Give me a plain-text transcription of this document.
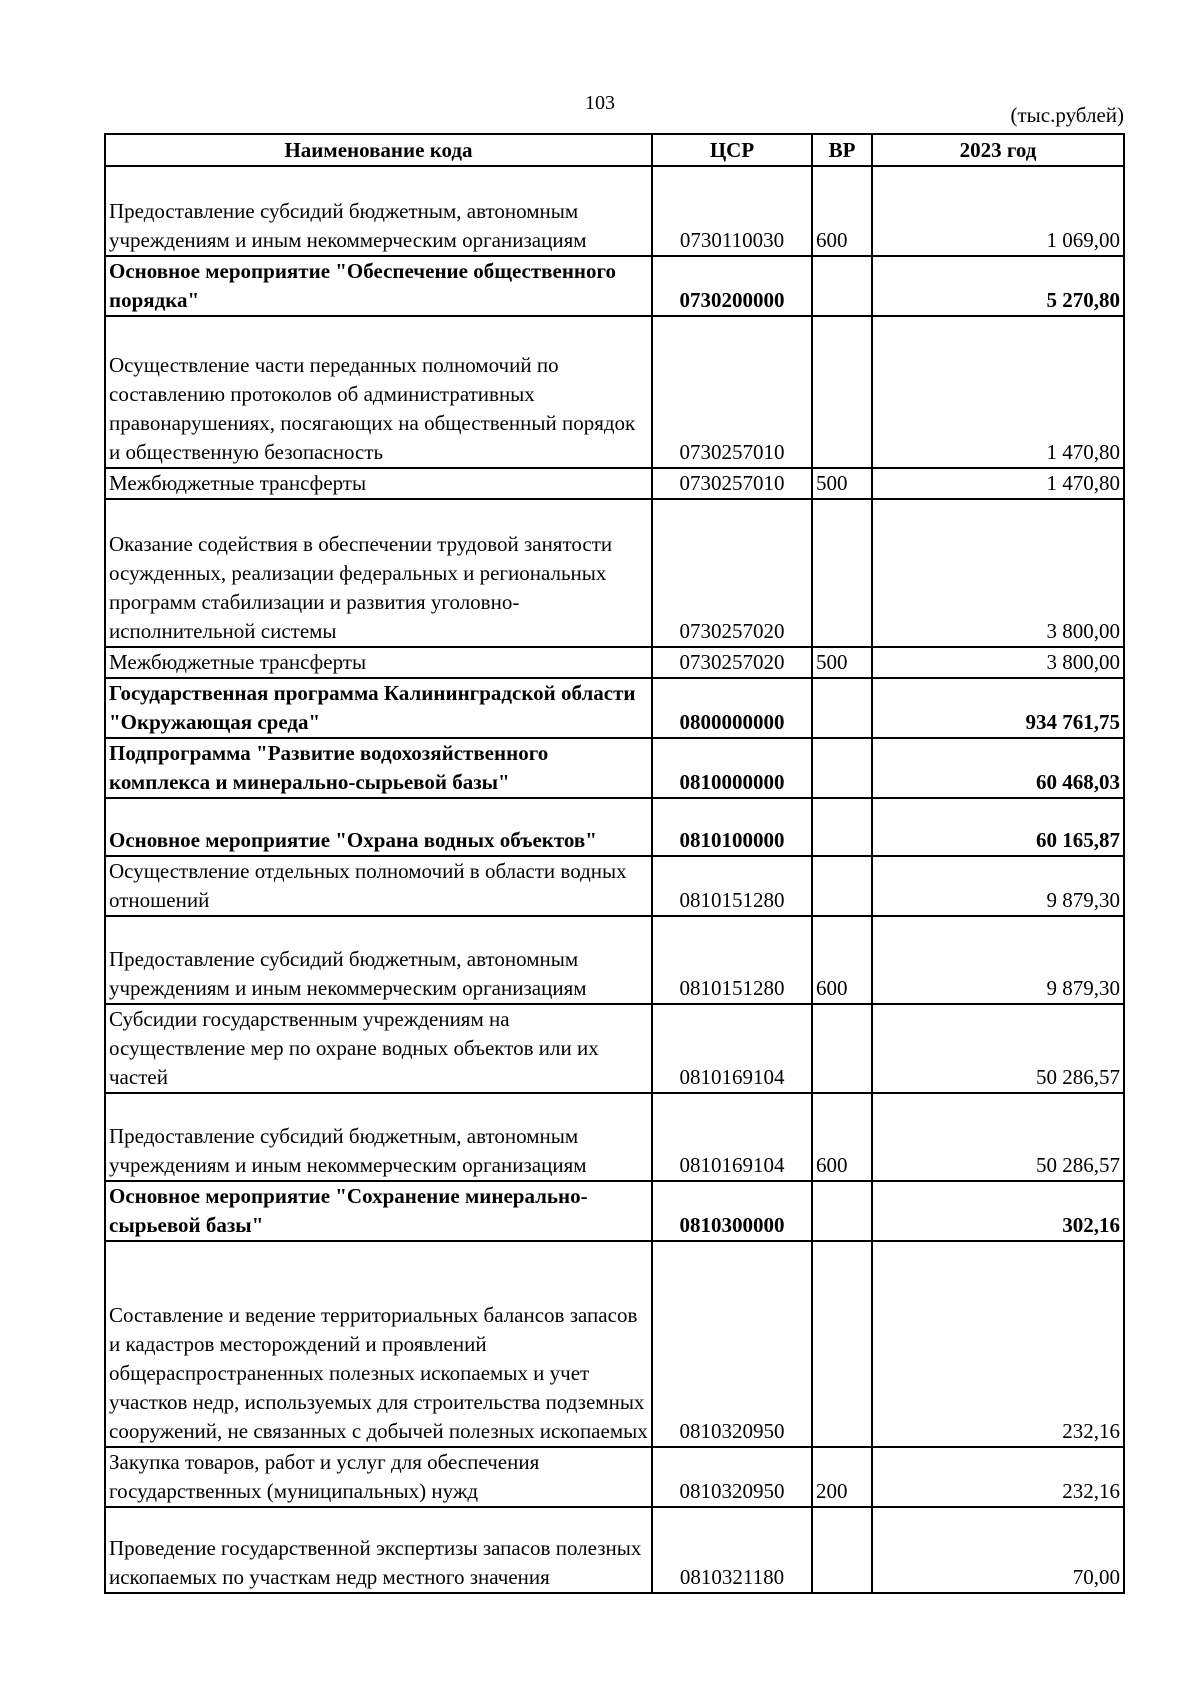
103	(тыс.рублей)
Наименование кода	ЦСР	ВР	2023 год
Предоставление субсидий бюджетным, автономным учреждениям и иным некоммерческим организациям	0730110030	600	1 069,00
Основное мероприятие "Обеспечение общественного порядка"	0730200000		5 270,80
Осуществление части переданных полномочий по составлению протоколов об административных правонарушениях, посягающих на общественный порядок и общественную безопасность	0730257010		1 470,80
Межбюджетные трансферты	0730257010	500	1 470,80
Оказание содействия в обеспечении трудовой занятости осужденных, реализации федеральных и региональных программ стабилизации и развития уголовно-исполнительной системы	0730257020		3 800,00
Межбюджетные трансферты	0730257020	500	3 800,00
Государственная программа Калининградской области "Окружающая среда"	0800000000		934 761,75
Подпрограмма "Развитие водохозяйственного комплекса и минерально-сырьевой базы"	0810000000		60 468,03
Основное мероприятие "Охрана водных объектов"	0810100000		60 165,87
Осуществление отдельных полномочий в области водных отношений	0810151280		9 879,30
Предоставление субсидий бюджетным, автономным учреждениям и иным некоммерческим организациям	0810151280	600	9 879,30
Субсидии государственным учреждениям на осуществление мер по охране водных объектов или их частей	0810169104		50 286,57
Предоставление субсидий бюджетным, автономным учреждениям и иным некоммерческим организациям	0810169104	600	50 286,57
Основное мероприятие "Сохранение минерально-сырьевой базы"	0810300000		302,16
Составление и ведение территориальных балансов запасов и кадастров месторождений и проявлений общераспространенных полезных ископаемых и учет участков недр, используемых для строительства подземных сооружений, не связанных с добычей полезных ископаемых	0810320950		232,16
Закупка товаров, работ и услуг для обеспечения государственных (муниципальных) нужд	0810320950	200	232,16
Проведение государственной экспертизы запасов полезных ископаемых по участкам недр местного значения	0810321180		70,00
